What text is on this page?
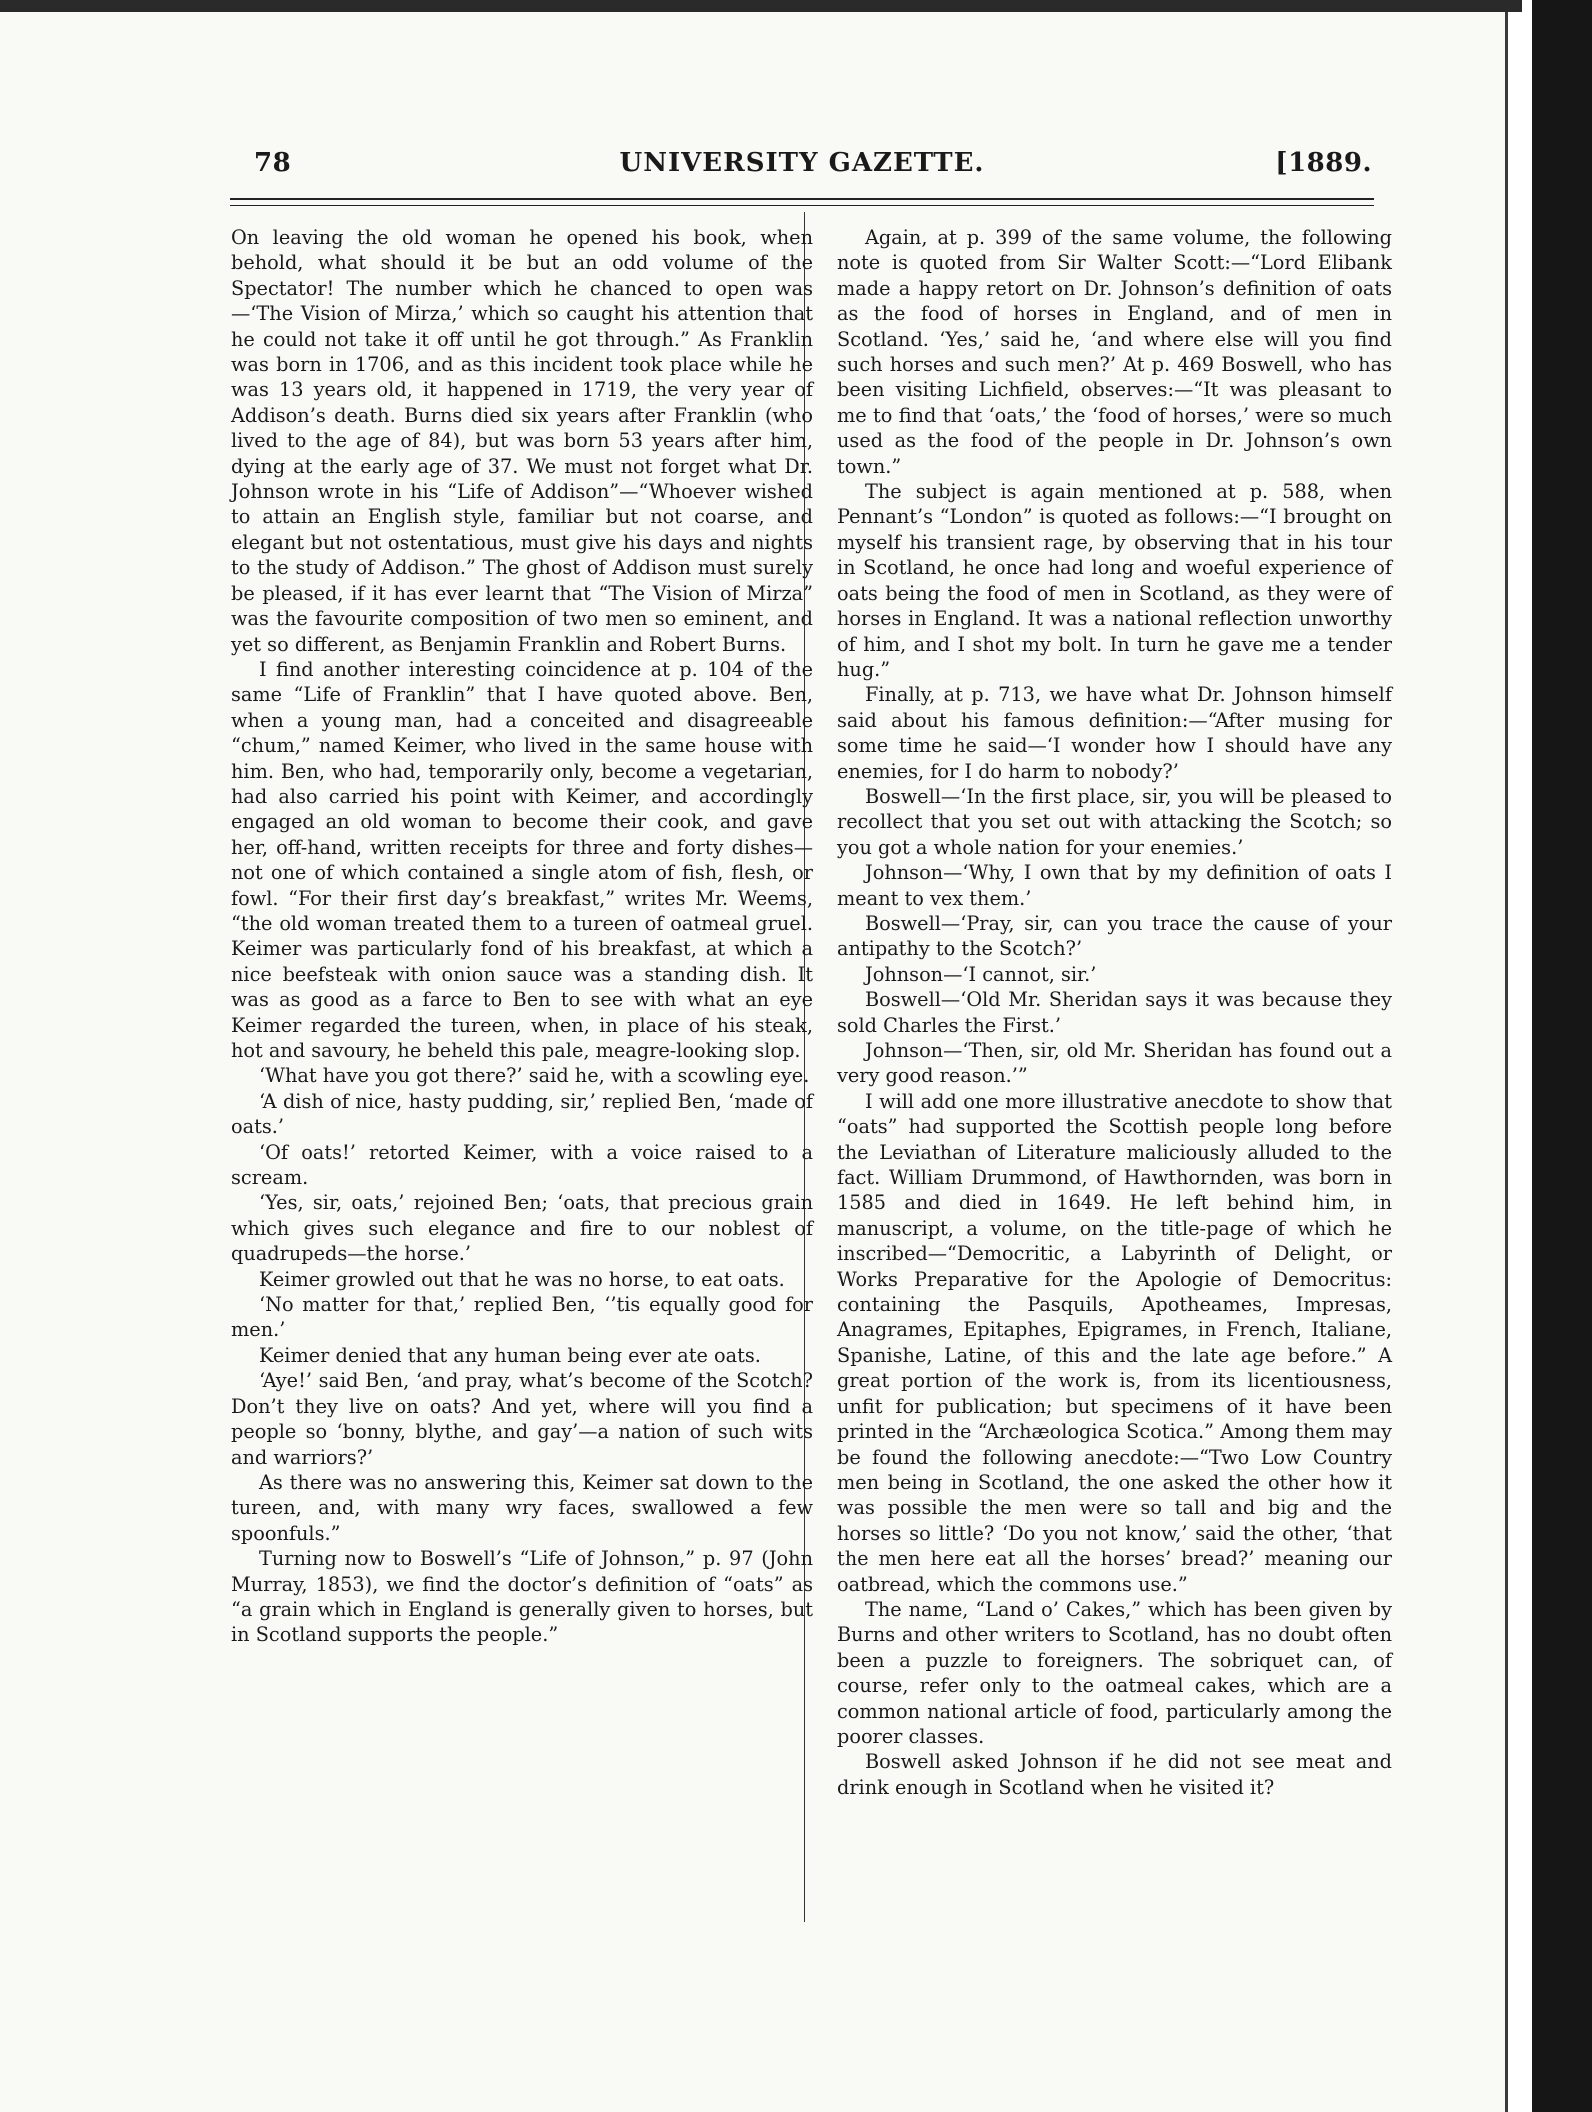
78	UNIVERSITY GAZETTE.	[1889.

On leaving the old woman he opened his book, when behold, what should it be but an odd volume of the Spectator! The number which he chanced to open was—‘The Vision of Mirza,’ which so caught his attention that he could not take it off until he got through.” As Franklin was born in 1706, and as this incident took place while he was 13 years old, it happened in 1719, the very year of Addison’s death. Burns died six years after Franklin (who lived to the age of 84), but was born 53 years after him, dying at the early age of 37. We must not forget what Dr. Johnson wrote in his “Life of Addison”—“Whoever wished to attain an English style, familiar but not coarse, and elegant but not ostentatious, must give his days and nights to the study of Addison.” The ghost of Addison must surely be pleased, if it has ever learnt that “The Vision of Mirza” was the favourite composition of two men so eminent, and yet so different, as Benjamin Franklin and Robert Burns.

I find another interesting coincidence at p. 104 of the same “Life of Franklin” that I have quoted above. Ben, when a young man, had a conceited and disagreeable “chum,” named Keimer, who lived in the same house with him. Ben, who had, temporarily only, become a vegetarian, had also carried his point with Keimer, and accordingly engaged an old woman to become their cook, and gave her, off-hand, written receipts for three and forty dishes—not one of which contained a single atom of fish, flesh, or fowl. “For their first day’s breakfast,” writes Mr. Weems, “the old woman treated them to a tureen of oatmeal gruel. Keimer was particularly fond of his breakfast, at which a nice beefsteak with onion sauce was a standing dish. It was as good as a farce to Ben to see with what an eye Keimer regarded the tureen, when, in place of his steak, hot and savoury, he beheld this pale, meagre-looking slop.

‘What have you got there?’ said he, with a scowling eye.

‘A dish of nice, hasty pudding, sir,’ replied Ben, ‘made of oats.’

‘Of oats!’ retorted Keimer, with a voice raised to a scream.

‘Yes, sir, oats,’ rejoined Ben; ‘oats, that precious grain which gives such elegance and fire to our noblest of quadrupeds—the horse.’

Keimer growled out that he was no horse, to eat oats.

‘No matter for that,’ replied Ben, ‘’tis equally good for men.’

Keimer denied that any human being ever ate oats.

‘Aye!’ said Ben, ‘and pray, what’s become of the Scotch? Don’t they live on oats? And yet, where will you find a people so ‘bonny, blythe, and gay’—a nation of such wits and warriors?’

As there was no answering this, Keimer sat down to the tureen, and, with many wry faces, swallowed a few spoonfuls.”

Turning now to Boswell’s “Life of Johnson,” p. 97 (John Murray, 1853), we find the doctor’s definition of “oats” as “a grain which in England is generally given to horses, but in Scotland supports the people.”

Again, at p. 399 of the same volume, the following note is quoted from Sir Walter Scott:—“Lord Elibank made a happy retort on Dr. Johnson’s definition of oats as the food of horses in England, and of men in Scotland. ‘Yes,’ said he, ‘and where else will you find such horses and such men?’ At p. 469 Boswell, who has been visiting Lichfield, observes:—“It was pleasant to me to find that ‘oats,’ the ‘food of horses,’ were so much used as the food of the people in Dr. Johnson’s own town.”

The subject is again mentioned at p. 588, when Pennant’s “London” is quoted as follows:—“I brought on myself his transient rage, by observing that in his tour in Scotland, he once had long and woeful experience of oats being the food of men in Scotland, as they were of horses in England. It was a national reflection unworthy of him, and I shot my bolt. In turn he gave me a tender hug.”

Finally, at p. 713, we have what Dr. Johnson himself said about his famous definition:—“After musing for some time he said—‘I wonder how I should have any enemies, for I do harm to nobody?’

Boswell—‘In the first place, sir, you will be pleased to recollect that you set out with attacking the Scotch; so you got a whole nation for your enemies.’

Johnson—‘Why, I own that by my definition of oats I meant to vex them.’

Boswell—‘Pray, sir, can you trace the cause of your antipathy to the Scotch?’

Johnson—‘I cannot, sir.’

Boswell—‘Old Mr. Sheridan says it was because they sold Charles the First.’

Johnson—‘Then, sir, old Mr. Sheridan has found out a very good reason.’”

I will add one more illustrative anecdote to show that “oats” had supported the Scottish people long before the Leviathan of Literature maliciously alluded to the fact. William Drummond, of Hawthornden, was born in 1585 and died in 1649. He left behind him, in manuscript, a volume, on the title-page of which he inscribed—“Democritic, a Labyrinth of Delight, or Works Preparative for the Apologie of Democritus: containing the Pasquils, Apotheames, Impresas, Anagrames, Epitaphes, Epigrames, in French, Italiane, Spanishe, Latine, of this and the late age before.” A great portion of the work is, from its licentiousness, unfit for publication; but specimens of it have been printed in the “Archæologica Scotica.” Among them may be found the following anecdote:—“Two Low Country men being in Scotland, the one asked the other how it was possible the men were so tall and big and the horses so little? ‘Do you not know,’ said the other, ‘that the men here eat all the horses’ bread?’ meaning our oatbread, which the commons use.”

The name, “Land o’ Cakes,” which has been given by Burns and other writers to Scotland, has no doubt often been a puzzle to foreigners. The sobriquet can, of course, refer only to the oatmeal cakes, which are a common national article of food, particularly among the poorer classes.

Boswell asked Johnson if he did not see meat and drink enough in Scotland when he visited it?
